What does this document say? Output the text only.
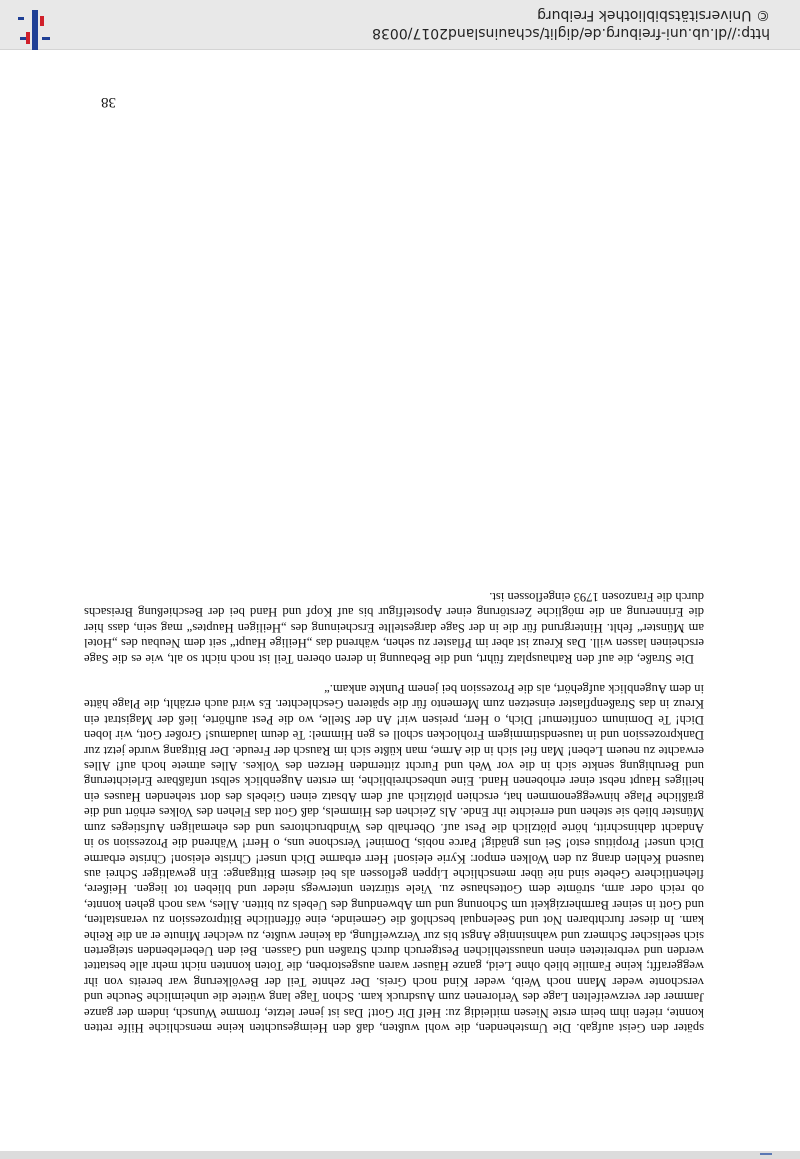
38

später den Geist aufgab. Die Umstehenden, die wohl wußten, daß den Heimgesuchten keine menschliche Hilfe retten konnte, riefen ihm beim erste Niesen mitleidig zu: Helf Dir Gott! Das ist jener letzte, fromme Wunsch, indem der ganze Jammer der verzweifelten Lage des Verlorenen zum Ausdruck kam. Schon Tage lang wütete die unheimliche Seuche und verschonte weder Mann noch Weib, weder Kind noch Greis. Der zehnte Teil der Bevölkerung war bereits von ihr weggerafft; keine Familie blieb ohne Leid, ganze Häuser waren ausgestorben, die Toten konnten nicht mehr alle bestattet werden und verbreiteten einen unausstehlichen Pestgeruch durch Straßen und Gassen. Bei den Ueberlebenden steigerten sich seelischer Schmerz und wahnsinnige Angst bis zur Verzweiflung, da keiner wußte, zu welcher Minute er an die Reihe kam. In dieser furchtbaren Not und Seelenqual beschloß die Gemeinde, eine öffentliche Bittprozession zu veranstalten, und Gott in seiner Barmherzigkeit um Schonung und um Abwendung des Uebels zu bitten. Alles, was noch gehen konnte, ob reich oder arm, strömte dem Gotteshause zu. Viele stürzten unterwegs nieder und blieben tot liegen. Heißere, flehentlichere Gebete sind nie über menschliche Lippen geflossen als bei diesem Bittgange: Ein gewaltiger Schrei aus tausend Kehlen drang zu den Wolken empor: Kyrie eleison! Herr erbarme Dich unser! Christe eleison! Christe erbarme Dich unser! Propitius esto! Sei uns gnädig! Parce nobis, Domine! Verschone uns, o Herr! Während die Prozession so in Andacht dahinschritt, hörte plötzlich die Pest auf. Oberhalb des Windbruchtores und des ehemaligen Aufstieges zum Münster blieb sie stehen und erreichte ihr Ende. Als Zeichen des Himmels, daß Gott das Flehen des Volkes erhört und die gräßliche Plage hinweggenommen hat, erschien plötzlich auf dem Absatz einen Giebels des dort stehenden Hauses ein heiliges Haupt nebst einer erhobenen Hand. Eine unbeschreibliche, im ersten Augenblick selbst unfaßbare Erleichterung und Beruhigung senkte sich in die vor Weh und Furcht zitternden Herzen des Volkes. Alles atmete hoch auf! Alles erwachte zu neuem Leben! Man fiel sich in die Arme, man küßte sich im Rausch der Freude. Der Bittgang wurde jetzt zur Dankprozession und in tausendstimmigem Frohlocken scholl es gen Himmel: Te deum laudamus! Großer Gott, wir loben Dich! Te Dominum confitemur! Dich, o Herr, preisen wir! An der Stelle, wo die Pest aufhörte, ließ der Magistrat ein Kreuz in das Straßenpflaster einsetzen zum Memento für die späteren Geschlechter. Es wird auch erzählt, die Plage hätte in dem Augenblick aufgehört, als die Prozession bei jenem Punkte ankam.“

Die Straße, die auf den Rathausplatz führt, und die Bebauung in deren oberen Teil ist noch nicht so alt, wie es die Sage erscheinen lassen will. Das Kreuz ist aber im Pflaster zu sehen, während das „Heilige Haupt“ seit dem Neubau des „Hotel am Münster“ fehlt. Hintergrund für die in der Sage dargestellte Erscheinung des „Heiligen Hauptes“ mag sein, dass hier die Erinnerung an die mögliche Zerstörung einer Apostelfigur bis auf Kopf und Hand bei der Beschießung Breisachs durch die Franzosen 1793 eingeflossen ist.

http://dl.ub.uni-freiburg.de/diglit/schauinsland2017/0038
© Universitätsbibliothek Freiburg
